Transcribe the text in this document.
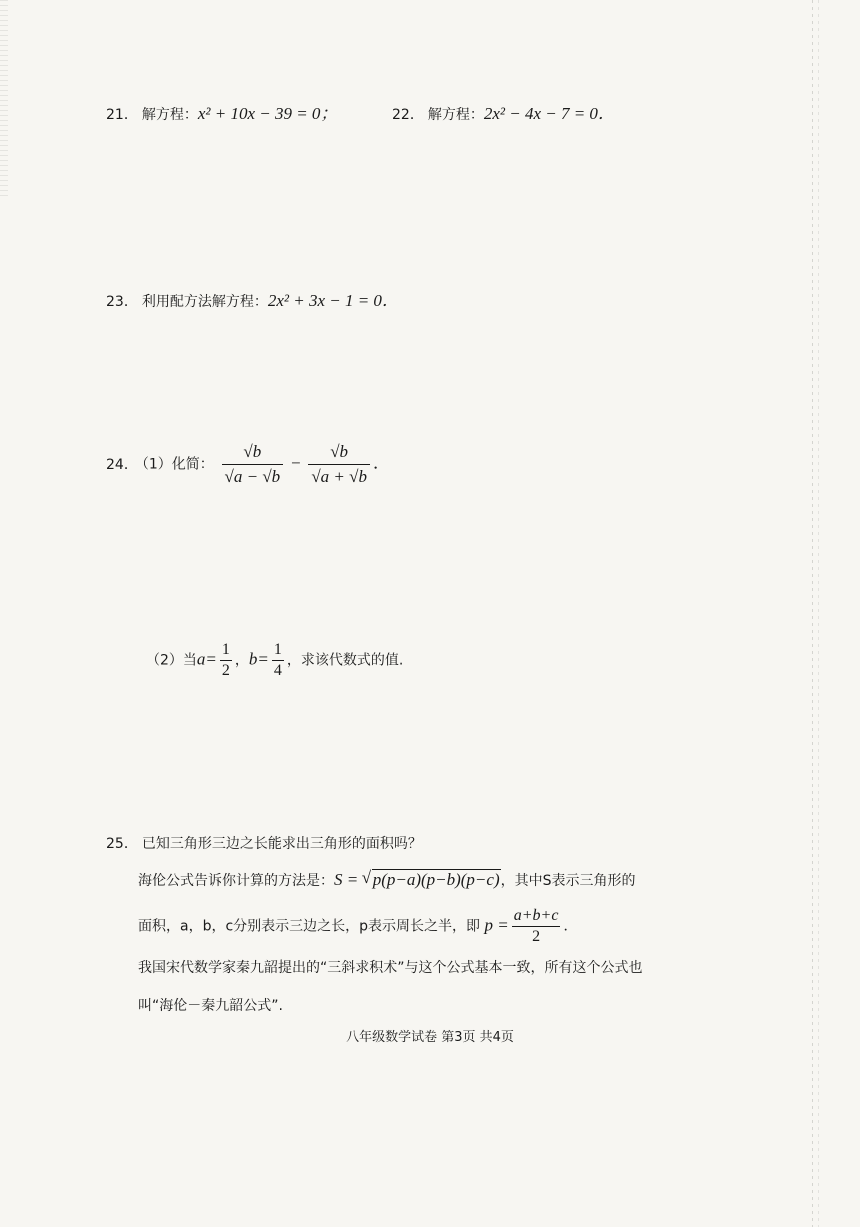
21． 解方程：x² + 10x − 39 = 0；	22． 解方程：2x² − 4x − 7 = 0．
23． 利用配方法解方程：2x² + 3x − 1 = 0．
24． （1）化简： $\frac{√b}{√a - √b} - \frac{√b}{√a + √b}$ ．
（2）当$a= \frac{1}{2}$ ，$b= \frac{1}{4}$ ，求该代数式的值.
25． 已知三角形三边之长能求出三角形的面积吗？
海伦公式告诉你计算的方法是：S = √ p(p−a)(p−b)(p−c)，其中S表示三角形的
面积，a，b，c分别表示三边之长，p表示周长之半，即 $p = \frac{a+b+c}{2}$ ．
我国宋代数学家秦九韶提出的“三斜求积术”与这个公式基本一致，所有这个公式也
叫“海伦－秦九韶公式”.
八年级数学试卷 第3页 共4页
